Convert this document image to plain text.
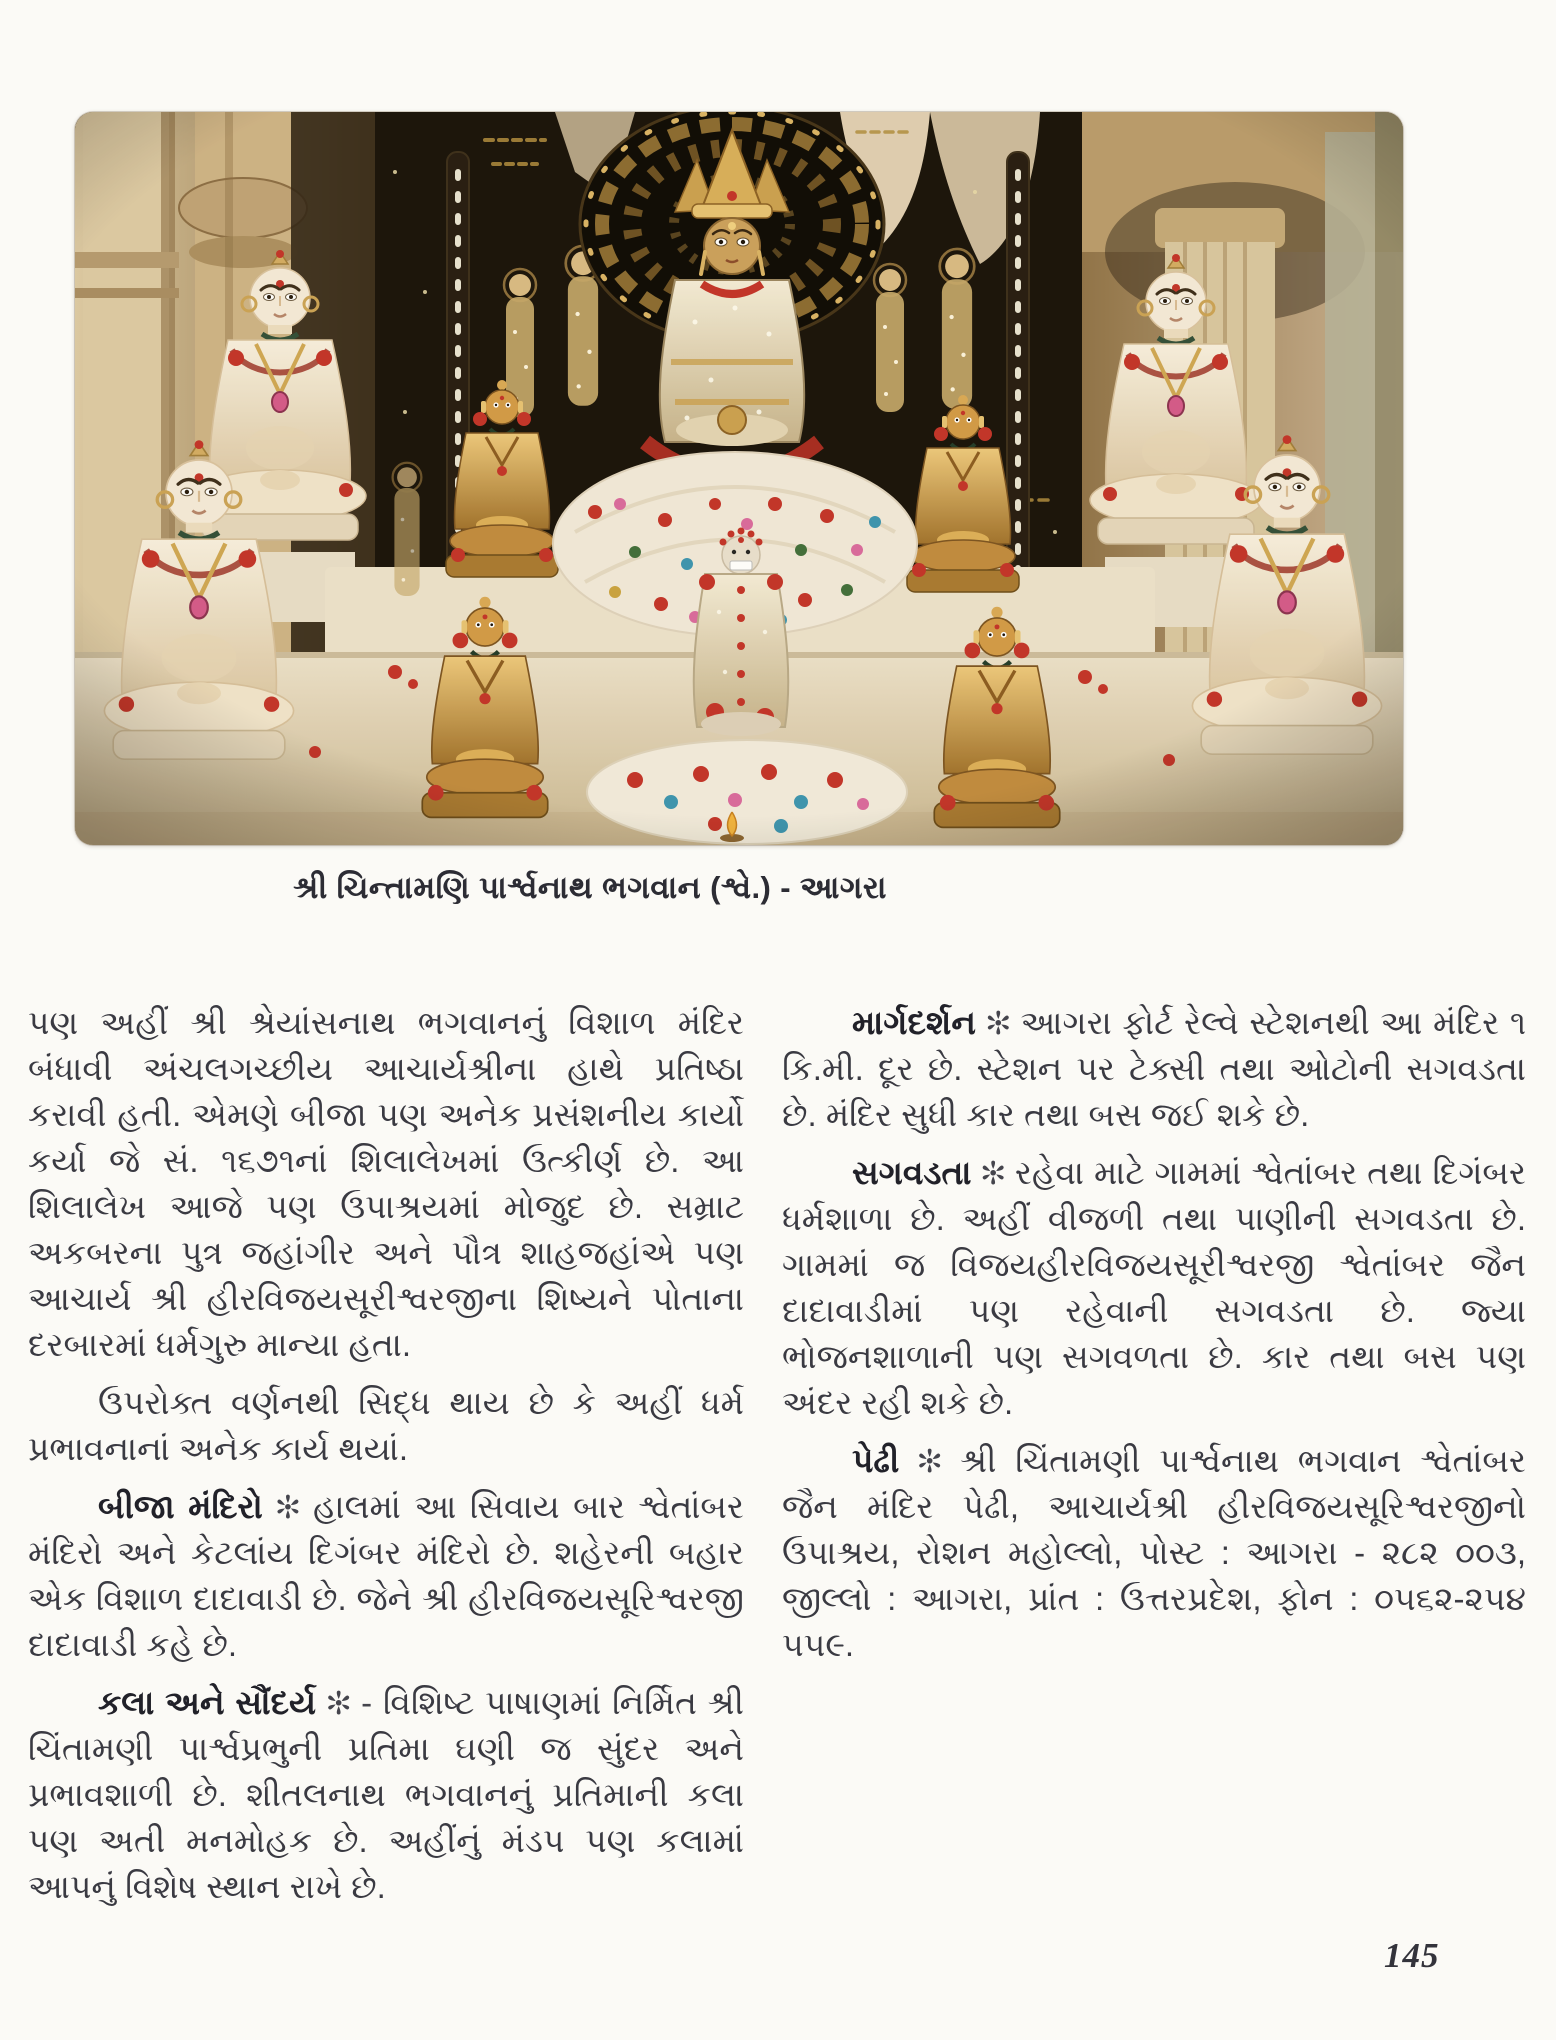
શ્રી ચિન્તામણિ પાર્શ્વનાથ ભગવાન (શ્વે.) - આગરા

પણ અહીં શ્રી શ્રેયાંસનાથ ભગવાનનું વિશાળ મંદિર બંધાવી અંચલગચ્છીય આચાર્યશ્રીના હાથે પ્રતિષ્ઠા કરાવી હતી. એમણે બીજા પણ અનેક પ્રસંશનીય કાર્યો કર્યા જે સં. ૧૬૭૧નાં શિલાલેખમાં ઉત્કીર્ણ છે. આ શિલાલેખ આજે પણ ઉપાશ્રયમાં મોજુદ છે. સમ્રાટ અકબરના પુત્ર જહાંગીર અને પૌત્ર શાહજહાંએ પણ આચાર્ય શ્રી હીરવિજયસૂરીશ્વરજીના શિષ્યને પોતાના દરબારમાં ધર્મગુરુ માન્યા હતા.

ઉપરોક્ત વર્ણનથી સિદ્ધ થાય છે કે અહીં ધર્મ પ્રભાવનાનાં અનેક કાર્ય થયાં.

બીજા મંદિરો ✻ હાલમાં આ સિવાય બાર શ્વેતાંબર મંદિરો અને કેટલાંય દિગંબર મંદિરો છે. શહેરની બહાર એક વિશાળ દાદાવાડી છે. જેને શ્રી હીરવિજયસૂરિશ્વરજી દાદાવાડી કહે છે.

કલા અને સૌંદર્ય ✻ - વિશિષ્ટ પાષાણમાં નિર્મિત શ્રી ચિંતામણી પાર્શ્વપ્રભુની પ્રતિમા ઘણી જ સુંદર અને પ્રભાવશાળી છે. શીતલનાથ ભગવાનનું પ્રતિમાની કલા પણ અતી મનમોહક છે. અહીંનું મંડપ પણ કલામાં આપનું વિશેષ સ્થાન રાખે છે.

માર્ગદર્શન ✻ આગરા ફોર્ટ રેલ્વે સ્ટેશનથી આ મંદિર ૧ કિ.મી. દૂર છે. સ્ટેશન પર ટેક્સી તથા ઓટોની સગવડતા છે. મંદિર સુધી કાર તથા બસ જઈ શકે છે.

સગવડતા ✻ રહેવા માટે ગામમાં શ્વેતાંબર તથા દિગંબર ધર્મશાળા છે. અહીં વીજળી તથા પાણીની સગવડતા છે. ગામમાં જ વિજયહીરવિજયસૂરીશ્વરજી શ્વેતાંબર જૈન દાદાવાડીમાં પણ રહેવાની સગવડતા છે. જ્યા ભોજનશાળાની પણ સગવળતા છે. કાર તથા બસ પણ અંદર રહી શકે છે.

પેઢી ✻ શ્રી ચિંતામણી પાર્શ્વનાથ ભગવાન શ્વેતાંબર જૈન મંદિર પેઢી, આચાર્યશ્રી હીરવિજયસૂરિશ્વરજીનો ઉપાશ્રય, રોશન મહોલ્લો, પોસ્ટ : આગરા - ૨૮૨ ૦૦૩, જીલ્લો : આગરા, પ્રાંત : ઉત્તરપ્રદેશ, ફોન : ૦૫૬૨-૨૫૪ ૫૫૯.

145
